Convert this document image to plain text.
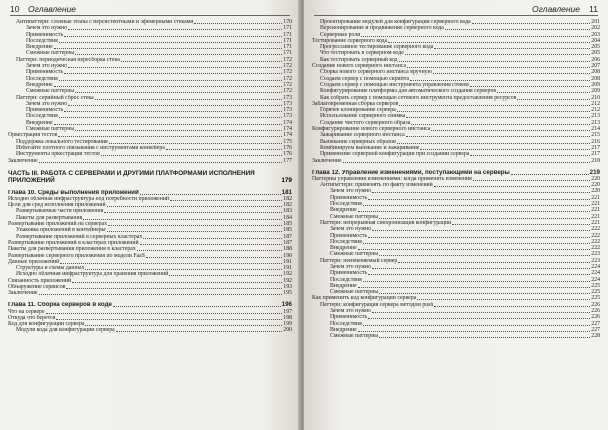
10 Оглавление
Антипаттерн: слоеные этапы с персистентными и эфемерными стеками	170
Зачем это нужно	171
Применимость	171
Последствия	171
Внедрение	171
Смежные паттерны	171
Паттерн: периодическая пересборка стека	172
Зачем это нужно	172
Применимость	172
Последствия	172
Внедрение	172
Смежные паттерны	172
Паттерн: серийный сброс стека	173
Зачем это нужно	173
Применимость	173
Последствия	173
Внедрение	174
Смежные паттерны	174
Оркестрация тестов	174
Поддержка локального тестирования	175
Избегайте плотного связывания с инструментами конвейера	176
Инструменты оркестрации тестов	176
Заключение	177
ЧАСТЬ III. РАБОТА С СЕРВЕРАМИ И ДРУГИМИ ПЛАТФОРМАМИ ИСПОЛНЕНИЯ ПРИЛОЖЕНИЙ	179
Глава 10. Среды выполнения приложений	181
Исходно облачная инфраструктура под потребности приложений	182
Цели для сред исполнения приложений	182
Развертываемые части приложения	183
Пакеты для развертывания	184
Развертывание приложений на серверах	185
Упаковка приложений в контейнеры	185
Развертывание приложений в серверных кластерах	187
Развертывание приложений в кластерах приложений	187
Пакеты для развертывания приложения в кластерах	188
Развертывание серверного приложения по модели FaaS	190
Данные приложений	191
Структуры и схемы данных	191
Исходно облачная инфраструктура для хранения приложений	192
Связанность приложений	192
Обнаружение сервисов	193
Заключение	195
Глава 11. Сборка серверов в коде	196
Что на сервере	197
Откуда что берется	198
Код для конфигурации сервера	199
Модули кода для конфигурации сервера	200
Оглавление 11
Проектирование модулей для конфигурации серверного кода	201
Версионирование и продвижение серверного кода	202
Серверные роли	203
Тестирование серверного кода	204
Прогрессивное тестирование серверного кода	205
Что тестировать в серверном коде	205
Как тестировать серверный код	206
Создание нового серверного инстанса	207
Сборка нового серверного инстанса вручную	208
Создаем сервер с помощью скрипта	208
Создаем сервер с помощью инструмента управления стеком	209
Конфигурирование платформы для автоматического создания серверов	209
Как собрать сервер с помощью сетевого инструмента предоставления ресурсов	210
Заблаговременная сборка серверов	212
Горячее клонирование сервера	212
Использование серверного снимка	213
Создание чистого серверного образа	213
Конфигурирование нового серверного инстанса	214
Зажаривание серверного инстанса	215
Выпекание серверных образов	216
Комбинируем выпекание и зажаривание	217
Применение серверной конфигурации при создании сервера	217
Заключение	218
Глава 12. Управление изменениями, поступающими на серверы	219
Паттерны управления изменениями: когда применять изменения	220
Антипаттерн: применять по факту изменений	220
Зачем это нужно	220
Применимость	221
Последствия	221
Внедрение	221
Смежные паттерны	221
Паттерн: непрерывная синхронизация конфигурации	221
Зачем это нужно	222
Применимость	222
Последствия	222
Внедрение	222
Смежные паттерны	223
Паттерн: неизменяемый сервер	223
Зачем это нужно	224
Применимость	224
Последствия	224
Внедрение	225
Смежные паттерны	225
Как применить код конфигурации сервера	225
Паттерн: конфигурация сервера методом push	226
Зачем это нужно	226
Применимость	226
Последствия	227
Внедрение	227
Смежные паттерны	228
